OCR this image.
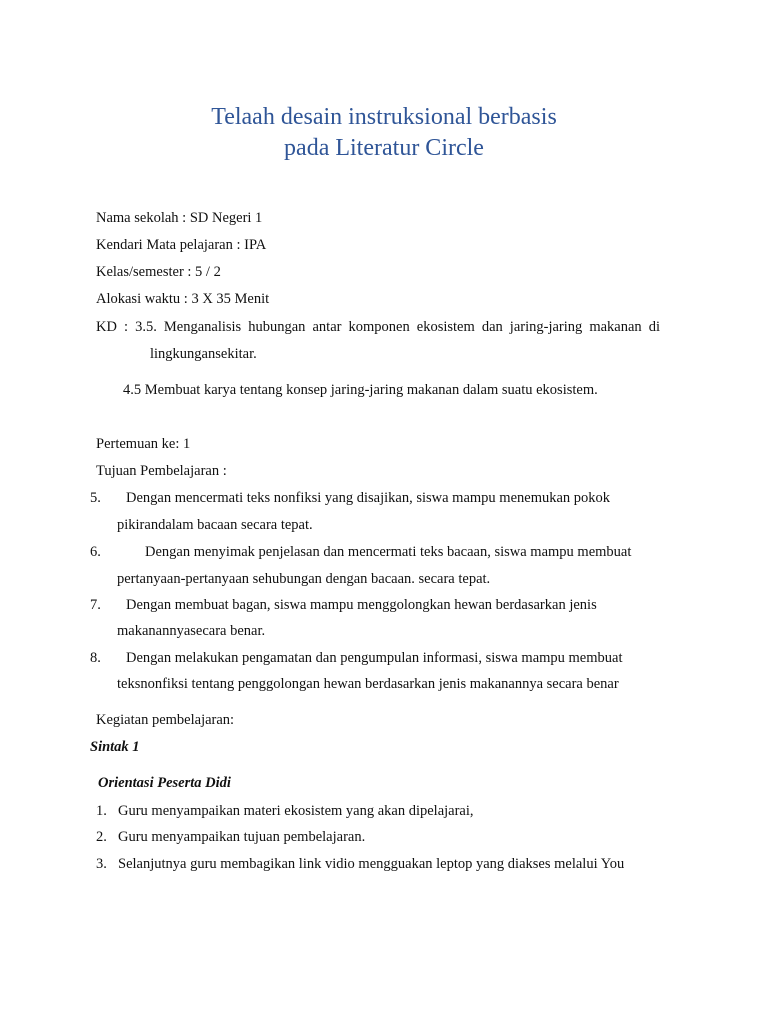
Telaah desain instruksional berbasis
pada Literatur Circle
Nama sekolah : SD Negeri 1
Kendari Mata pelajaran : IPA
Kelas/semester : 5 / 2
Alokasi waktu : 3 X 35 Menit
KD : 3.5. Menganalisis hubungan antar komponen ekosistem dan jaring-jaring makanan di
lingkungansekitar.
4.5 Membuat karya tentang konsep jaring-jaring makanan dalam suatu ekosistem.
Pertemuan ke: 1
Tujuan Pembelajaran :
5. Dengan mencermati teks nonfiksi yang disajikan, siswa mampu menemukan pokok
pikirandalam bacaan secara tepat.
6.	Dengan menyimak penjelasan dan mencermati teks bacaan, siswa mampu membuat
pertanyaan-pertanyaan sehubungan dengan bacaan. secara tepat.
7. Dengan membuat bagan, siswa mampu menggolongkan hewan berdasarkan jenis
makanannyasecara benar.
8. Dengan melakukan pengamatan dan pengumpulan informasi, siswa mampu membuat
teksnonfiksi tentang penggolongan hewan berdasarkan jenis makanannya secara benar
Kegiatan pembelajaran:
Sintak 1
Orientasi Peserta Didi
1. Guru menyampaikan materi ekosistem yang akan dipelajarai,
2. Guru menyampaikan tujuan pembelajaran.
3. Selanjutnya guru membagikan link vidio mengguakan leptop yang diakses melalui You
